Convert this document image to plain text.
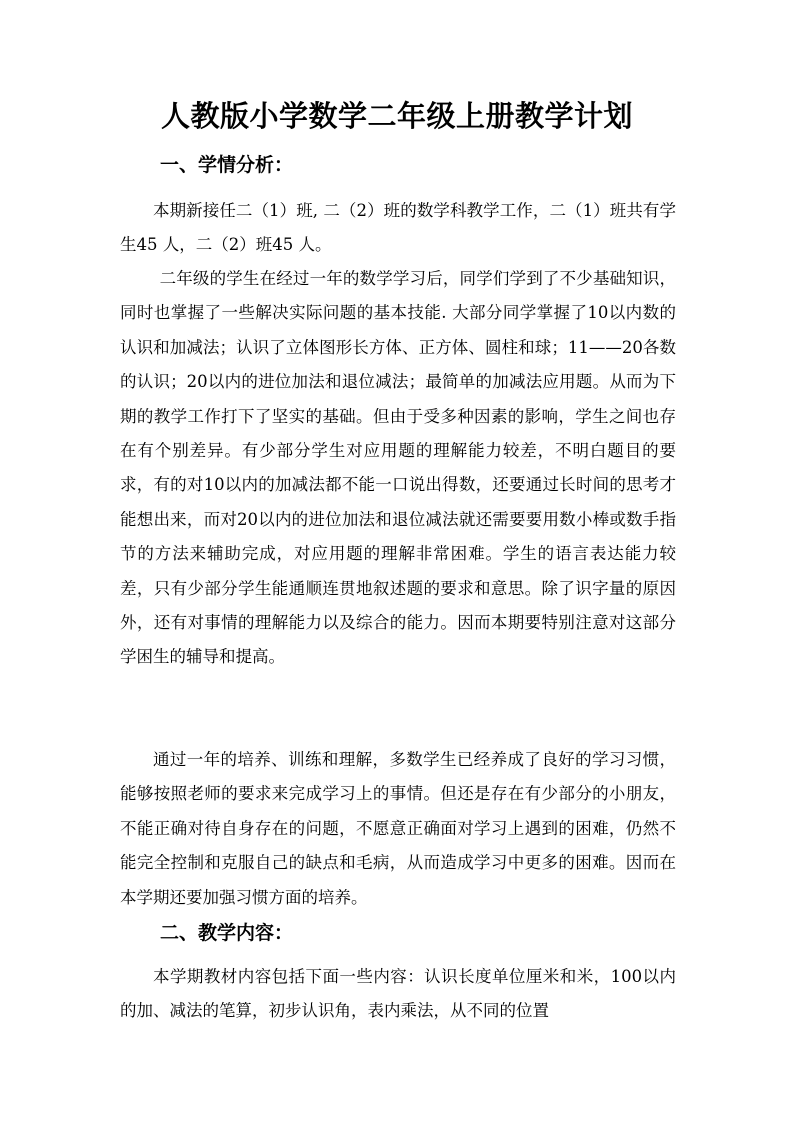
人教版小学数学二年级上册教学计划
一、学情分析：

本期新接任二（1）班, 二（2）班的数学科教学工作，二（1）班共有学生45 人，二（2）班45 人。

二年级的学生在经过一年的数学学习后，同学们学到了不少基础知识，同时也掌握了一些解决实际问题的基本技能. 大部分同学掌握了10以内数的认识和加减法；认识了立体图形长方体、正方体、圆柱和球；11——20各数的认识；20以内的进位加法和退位减法；最简单的加减法应用题。从而为下期的教学工作打下了坚实的基础。但由于受多种因素的影响，学生之间也存在有个别差异。有少部分学生对应用题的理解能力较差，不明白题目的要求，有的对10以内的加减法都不能一口说出得数，还要通过长时间的思考才能想出来，而对20以内的进位加法和退位减法就还需要要用数小棒或数手指节的方法来辅助完成，对应用题的理解非常困难。学生的语言表达能力较差，只有少部分学生能通顺连贯地叙述题的要求和意思。除了识字量的原因外，还有对事情的理解能力以及综合的能力。因而本期要特别注意对这部分学困生的辅导和提高。

通过一年的培养、训练和理解，多数学生已经养成了良好的学习习惯，能够按照老师的要求来完成学习上的事情。但还是存在有少部分的小朋友，不能正确对待自身存在的问题，不愿意正确面对学习上遇到的困难，仍然不能完全控制和克服自己的缺点和毛病，从而造成学习中更多的困难。因而在本学期还要加强习惯方面的培养。

二、教学内容：

本学期教材内容包括下面一些内容：认识长度单位厘米和米，100以内的加、减法的笔算，初步认识角，表内乘法，从不同的位置
